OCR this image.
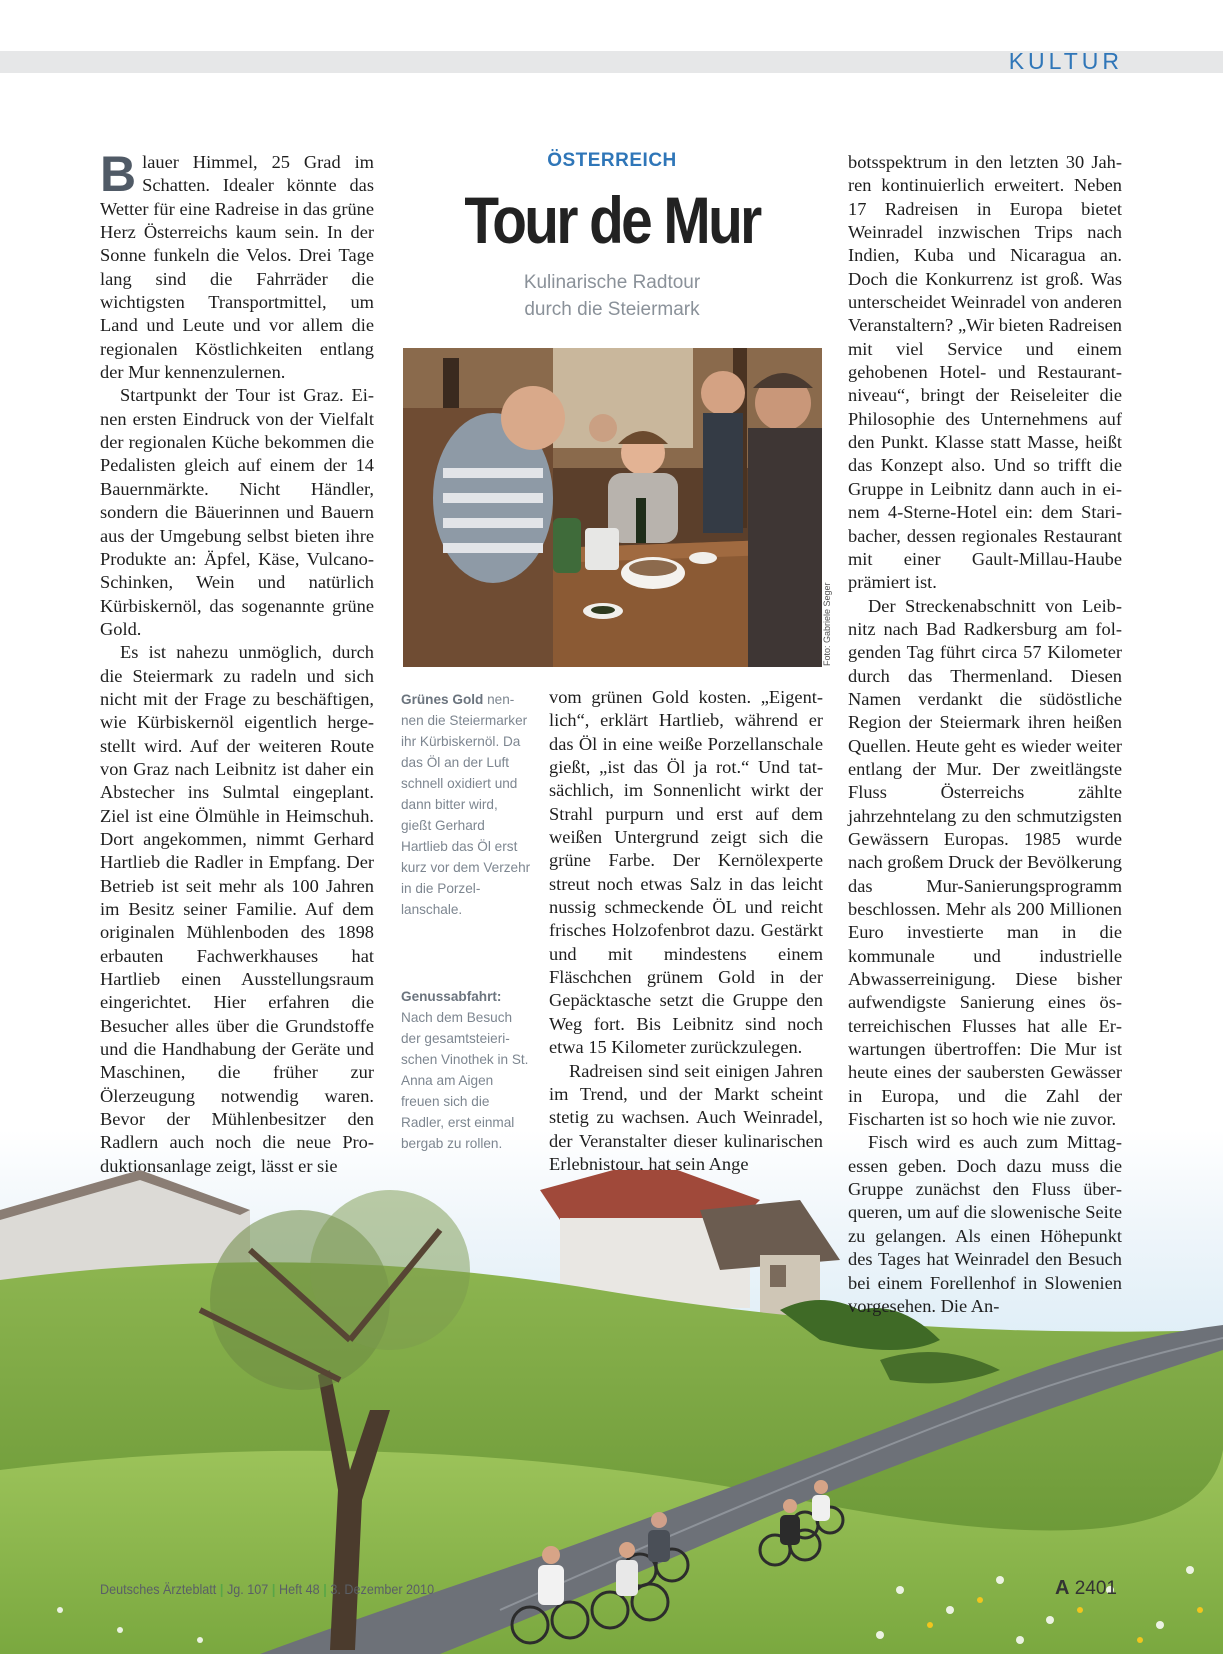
KULTUR

Blauer Himmel, 25 Grad im Schatten. Idealer könnte das Wetter für eine Radreise in das grüne Herz Österreichs kaum sein. In der Sonne funkeln die Velos. Drei Tage lang sind die Fahrräder die wichtigsten Transportmittel, um Land und Leute und vor allem die regionalen Köstlichkeiten entlang der Mur kennenzulernen.

Startpunkt der Tour ist Graz. Einen ersten Eindruck von der Vielfalt der regionalen Küche bekommen die Pedalisten gleich auf einem der 14 Bauernmärkte. Nicht Händler, sondern die Bäuerinnen und Bauern aus der Umgebung selbst bieten ihre Produkte an: Äpfel, Käse, Vulcano-Schinken, Wein und natürlich Kürbiskernöl, das sogenannte grüne Gold.

Es ist nahezu unmöglich, durch die Steiermark zu radeln und sich nicht mit der Frage zu beschäftigen, wie Kürbiskernöl eigentlich hergestellt wird. Auf der weiteren Route von Graz nach Leibnitz ist daher ein Abstecher ins Sulmtal eingeplant. Ziel ist eine Ölmühle in Heimschuh. Dort angekommen, nimmt Gerhard Hartlieb die Radler in Empfang. Der Betrieb ist seit mehr als 100 Jahren im Besitz seiner Familie. Auf dem originalen Mühlenboden des 1898 erbauten Fachwerkhauses hat Hartlieb einen Ausstellungsraum eingerichtet. Hier erfahren die Besucher alles über die Grundstoffe und die Handhabung der Geräte und Maschinen, die früher zur Ölerzeugung notwendig waren. Bevor der Mühlenbesitzer den Radlern auch noch die neue Produktionsanlage zeigt, lässt er sie

ÖSTERREICH
Tour de Mur
Kulinarische Radtour
durch die Steiermark
Foto: Gabriele Seger
Grünes Gold nennen die Steiermarker ihr Kürbiskernöl. Da das Öl an der Luft schnell oxidiert und dann bitter wird, gießt Gerhard Hartlieb das Öl erst kurz vor dem Verzehr in die Porzellanschale.
Genussabfahrt:
Nach dem Besuch der gesamtsteierischen Vinothek in St. Anna am Aigen freuen sich die Radler, erst einmal bergab zu rollen.

vom grünen Gold kosten. „Eigentlich“, erklärt Hartlieb, während er das Öl in eine weiße Porzellanschale gießt, „ist das Öl ja rot.“ Und tatsächlich, im Sonnenlicht wirkt der Strahl purpurn und erst auf dem weißen Untergrund zeigt sich die grüne Farbe. Der Kernölexperte streut noch etwas Salz in das leicht nussig schmeckende ÖL und reicht frisches Holzofenbrot dazu. Gestärkt und mit mindestens einem Fläschchen grünem Gold in der Gepäcktasche setzt die Gruppe den Weg fort. Bis Leibnitz sind noch etwa 15 Kilometer zurückzulegen.

Radreisen sind seit einigen Jahren im Trend, und der Markt scheint stetig zu wachsen. Auch Weinradel, der Veranstalter dieser kulinarischen Erlebnistour, hat sein Ange

botsspektrum in den letzten 30 Jahren kontinuierlich erweitert. Neben 17 Radreisen in Europa bietet Weinradel inzwischen Trips nach Indien, Kuba und Nicaragua an. Doch die Konkurrenz ist groß. Was unterscheidet Weinradel von anderen Veranstaltern? „Wir bieten Radreisen mit viel Service und einem gehobenen Hotel- und Restaurantniveau“, bringt der Reiseleiter die Philosophie des Unternehmens auf den Punkt. Klasse statt Masse, heißt das Konzept also. Und so trifft die Gruppe in Leibnitz dann auch in einem 4-Sterne-Hotel ein: dem Staribacher, dessen regionales Restaurant mit einer Gault-Millau-Haube prämiert ist.

Der Streckenabschnitt von Leibnitz nach Bad Radkersburg am folgenden Tag führt circa 57 Kilometer durch das Thermenland. Diesen Namen verdankt die südöstliche Region der Steiermark ihren heißen Quellen. Heute geht es wieder weiter entlang der Mur. Der zweitlängste Fluss Österreichs zählte jahrzehntelang zu den schmutzigsten Gewässern Europas. 1985 wurde nach großem Druck der Bevölkerung das Mur-Sanierungsprogramm beschlossen. Mehr als 200 Millionen Euro investierte man in die kommunale und industrielle Abwasserreinigung. Diese bisher aufwendigste Sanierung eines österreichischen Flusses hat alle Erwartungen übertroffen: Die Mur ist heute eines der saubersten Gewässer in Europa, und die Zahl der Fischarten ist so hoch wie nie zuvor.

Fisch wird es auch zum Mittagessen geben. Doch dazu muss die Gruppe zunächst den Fluss überqueren, um auf die slowenische Seite zu gelangen. Als einen Höhepunkt des Tages hat Weinradel den Besuch bei einem Forellenhof in Slowenien vorgesehen. Die An-

Deutsches Ärzteblatt | Jg. 107 | Heft 48 | 3. Dezember 2010	A 2401
